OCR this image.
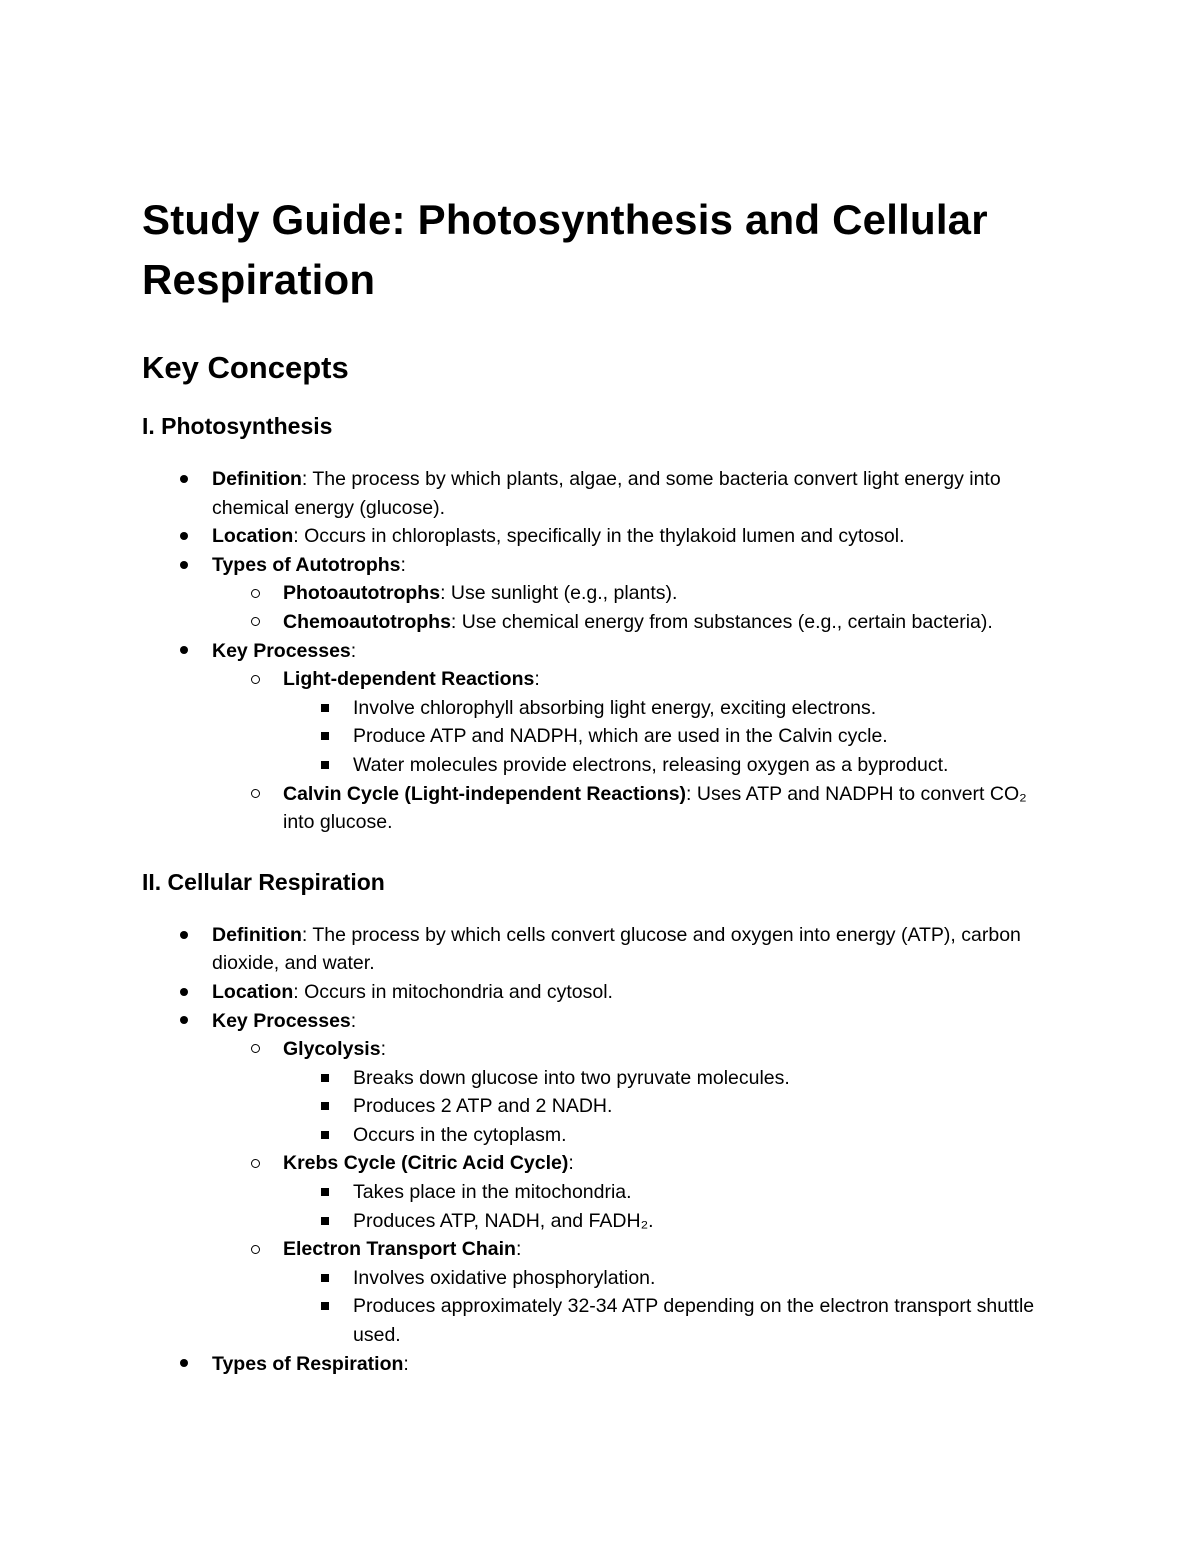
Study Guide: Photosynthesis and Cellular Respiration
Key Concepts
I. Photosynthesis
Definition: The process by which plants, algae, and some bacteria convert light energy into chemical energy (glucose).
Location: Occurs in chloroplasts, specifically in the thylakoid lumen and cytosol.
Types of Autotrophs:
Photoautotrophs: Use sunlight (e.g., plants).
Chemoautotrophs: Use chemical energy from substances (e.g., certain bacteria).
Key Processes:
Light-dependent Reactions:
Involve chlorophyll absorbing light energy, exciting electrons.
Produce ATP and NADPH, which are used in the Calvin cycle.
Water molecules provide electrons, releasing oxygen as a byproduct.
Calvin Cycle (Light-independent Reactions): Uses ATP and NADPH to convert CO₂ into glucose.
II. Cellular Respiration
Definition: The process by which cells convert glucose and oxygen into energy (ATP), carbon dioxide, and water.
Location: Occurs in mitochondria and cytosol.
Key Processes:
Glycolysis:
Breaks down glucose into two pyruvate molecules.
Produces 2 ATP and 2 NADH.
Occurs in the cytoplasm.
Krebs Cycle (Citric Acid Cycle):
Takes place in the mitochondria.
Produces ATP, NADH, and FADH₂.
Electron Transport Chain:
Involves oxidative phosphorylation.
Produces approximately 32-34 ATP depending on the electron transport shuttle used.
Types of Respiration:
